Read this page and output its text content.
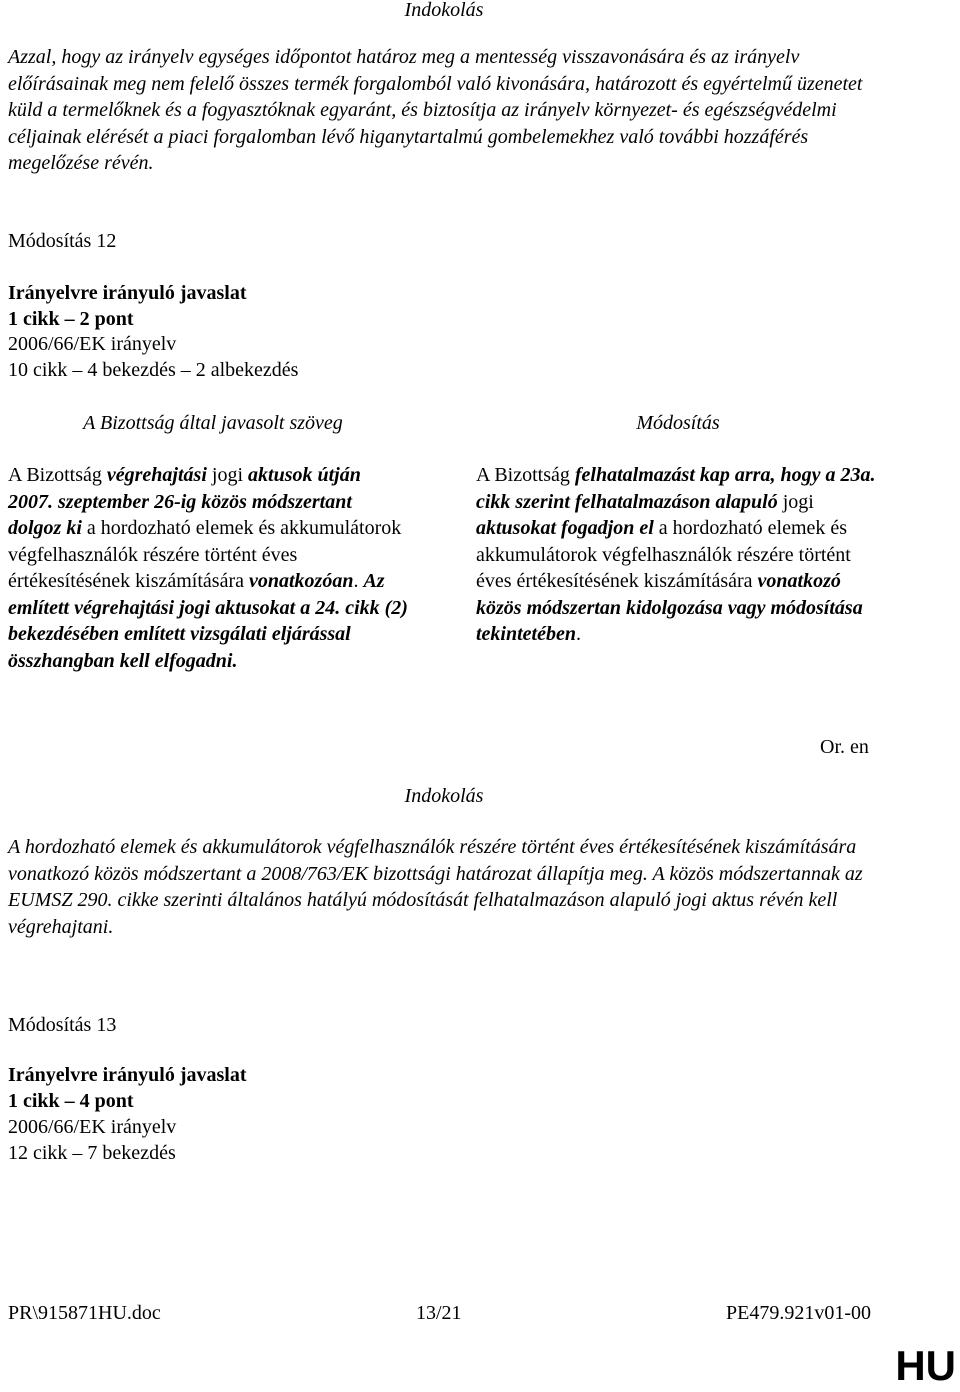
Indokolás

Azzal, hogy az irányelv egységes időpontot határoz meg a mentesség visszavonására és az irányelv előírásainak meg nem felelő összes termék forgalomból való kivonására, határozott és egyértelmű üzenetet küld a termelőknek és a fogyasztóknak egyaránt, és biztosítja az irányelv környezet- és egészségvédelmi céljainak elérését a piaci forgalomban lévő higanytartalmú gombelemekhez való további hozzáférés megelőzése révén.

Módosítás 12
Irányelvre irányuló javaslat
1 cikk – 2 pont
2006/66/EK irányelv
10 cikk – 4 bekezdés – 2 albekezdés
A Bizottság által javasolt szöveg	Módosítás

A Bizottság végrehajtási jogi aktusok útján 2007. szeptember 26-ig közös módszertant dolgoz ki a hordozható elemek és akkumulátorok végfelhasználók részére történt éves értékesítésének kiszámítására vonatkozóan. Az említett végrehajtási jogi aktusokat a 24. cikk (2) bekezdésében említett vizsgálati eljárással összhangban kell elfogadni.

A Bizottság felhatalmazást kap arra, hogy a 23a. cikk szerint felhatalmazáson alapuló jogi aktusokat fogadjon el a hordozható elemek és akkumulátorok végfelhasználók részére történt éves értékesítésének kiszámítására vonatkozó közös módszertan kidolgozása vagy módosítása tekintetében.

Or. en
Indokolás

A hordozható elemek és akkumulátorok végfelhasználók részére történt éves értékesítésének kiszámítására vonatkozó közös módszertant a 2008/763/EK bizottsági határozat állapítja meg. A közös módszertannak az EUMSZ 290. cikke szerinti általános hatályú módosítását felhatalmazáson alapuló jogi aktus révén kell végrehajtani.

Módosítás 13
Irányelvre irányuló javaslat
1 cikk – 4 pont
2006/66/EK irányelv
12 cikk – 7 bekezdés
PR\915871HU.doc	13/21	PE479.921v01-00
HU
